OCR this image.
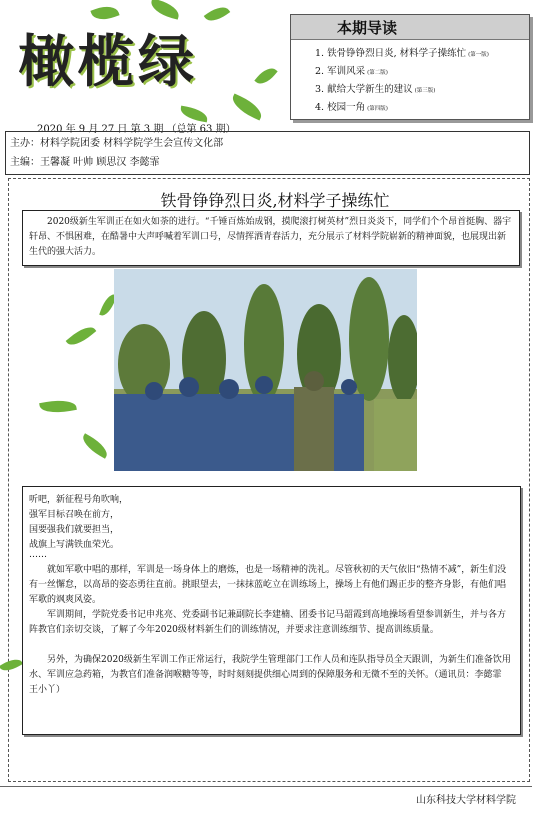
橄榄绿
本期导读
1. 铁骨铮铮烈日炎, 材料学子操练忙 (第一版)
2. 军训风采 (第二版)
3. 献给大学新生的建议 (第三版)
4. 校园一角 (第四版)
2020 年 9 月 27 日 第 3 期 （总第 63 期）
主办：材料学院团委 材料学院学生会宣传文化部
主编：王馨凝 叶帅 顾思汉 李懿霏
铁骨铮铮烈日炎,材料学子操练忙
2020级新生军训正在如火如荼的进行。“千锤百炼始成钢，摸爬滚打树英材”烈日炎炎下，同学们个个昂首挺胸、器宇轩昂、不惧困难，在酷暑中大声呼喊着军训口号，尽情挥洒青春活力，充分展示了材料学院崭新的精神面貌，也展现出新生代的强大活力。
听吧，新征程号角吹响，
强军目标召唤在前方，
国要强我们就要担当，
战旗上写满铁血荣光。
……
就如军歌中唱的那样，军训是一场身体上的磨炼，也是一场精神的洗礼。尽管秋初的天气依旧“热情不减”，新生们没有一丝懈怠，以高昂的姿态勇往直前。挑眼望去，一抹抹蓝屹立在训练场上，操场上有他们踢正步的整齐身影，有他们唱军歌的飒爽风姿。
军训期间，学院党委书记申兆亮、党委副书记兼副院长李建楠、团委书记马韶霞到高地操场看望参训新生，并与各方阵教官们亲切交谈，了解了今年2020级材料新生们的训练情况，并要求注意训练细节、提高训练质量。
另外，为确保2020级新生军训工作正常运行，我院学生管理部门工作人员和连队指导员全天跟训，为新生们准备饮用水、军训应急药箱，为教官们准备润喉糖等等，时时刻刻提供细心周到的保障服务和无微不至的关怀。（通讯员：李懿霏 王小丫）
山东科技大学材料学院
